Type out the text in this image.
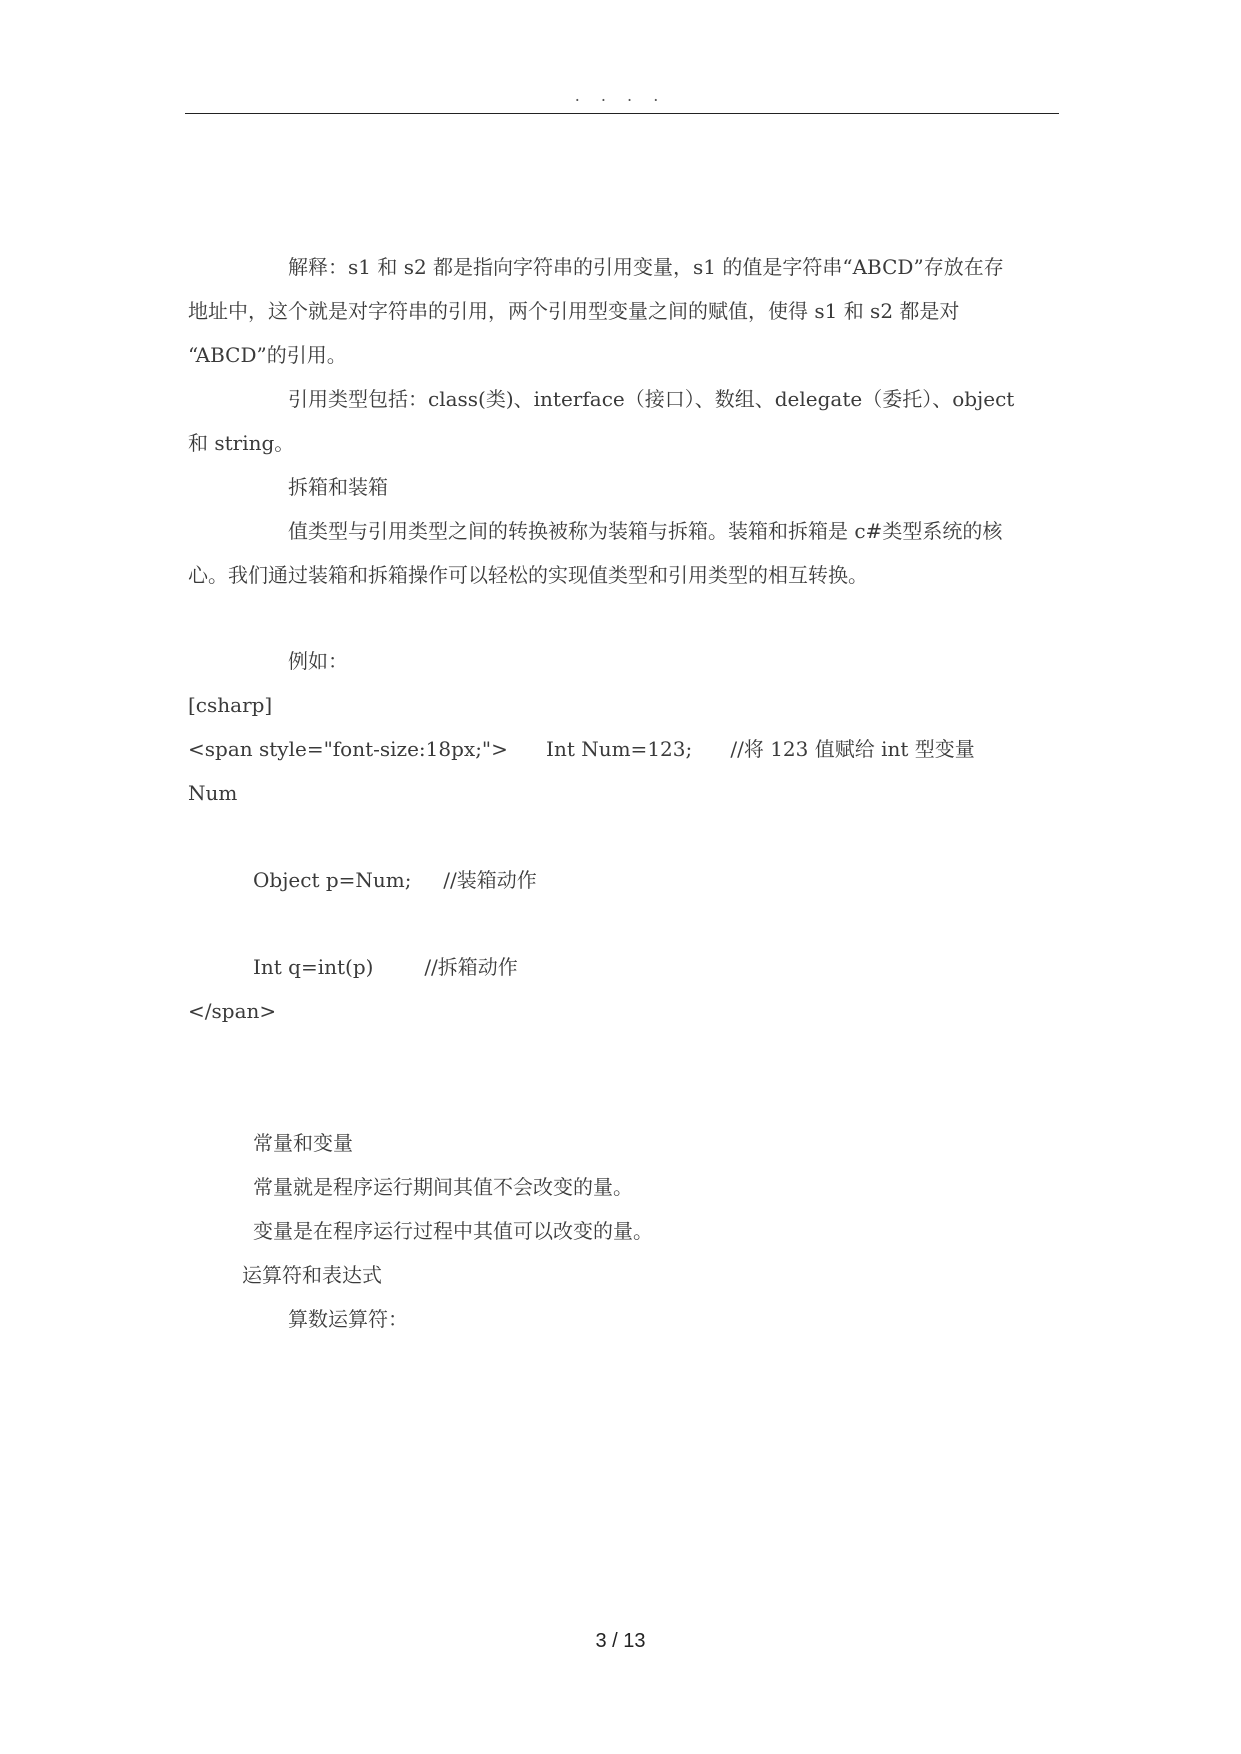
. . . .
解释：s1 和 s2 都是指向字符串的引用变量，s1 的值是字符串“ABCD”存放在存
地址中，这个就是对字符串的引用，两个引用型变量之间的赋值，使得 s1 和 s2 都是对
“ABCD”的引用。
引用类型包括：class(类)、interface（接口）、数组、delegate（委托）、object
和 string。
拆箱和装箱
值类型与引用类型之间的转换被称为装箱与拆箱。装箱和拆箱是 c#类型系统的核
心。我们通过装箱和拆箱操作可以轻松的实现值类型和引用类型的相互转换。
例如：
[csharp]
<span style="font-size:18px;">      Int Num=123;      //将 123 值赋给 int 型变量
Num
Object p=Num;     //装箱动作
Int q=int(p)        //拆箱动作
</span>
常量和变量
常量就是程序运行期间其值不会改变的量。
变量是在程序运行过程中其值可以改变的量。
运算符和表达式
算数运算符：
3 / 13
